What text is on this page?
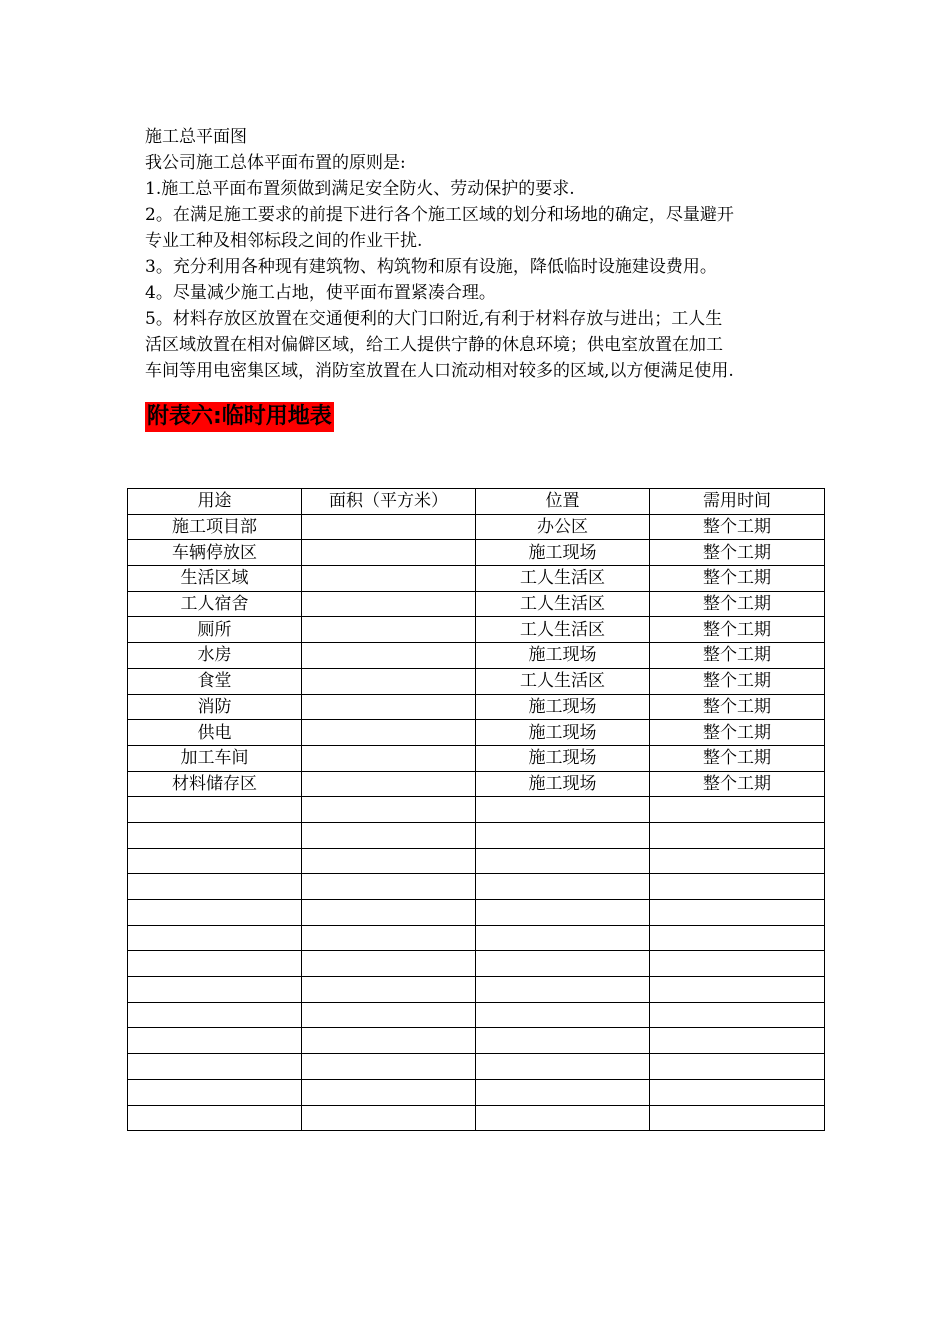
施工总平面图

我公司施工总体平面布置的原则是:

1.施工总平面布置须做到满足安全防火、劳动保护的要求.

2。在满足施工要求的前提下进行各个施工区域的划分和场地的确定，尽量避开

专业工种及相邻标段之间的作业干扰.

3。充分利用各种现有建筑物、构筑物和原有设施，降低临时设施建设费用。

4。尽量减少施工占地，使平面布置紧凑合理。

5。材料存放区放置在交通便利的大门口附近,有利于材料存放与进出；工人生

活区域放置在相对偏僻区域，给工人提供宁静的休息环境；供电室放置在加工

车间等用电密集区域，消防室放置在人口流动相对较多的区域,以方便满足使用.

附表六:临时用地表
用途	面积（平方米）	位置	需用时间
施工项目部		办公区	整个工期
车辆停放区		施工现场	整个工期
生活区域		工人生活区	整个工期
工人宿舍		工人生活区	整个工期
厕所		工人生活区	整个工期
水房		施工现场	整个工期
食堂		工人生活区	整个工期
消防		施工现场	整个工期
供电		施工现场	整个工期
加工车间		施工现场	整个工期
材料储存区		施工现场	整个工期
